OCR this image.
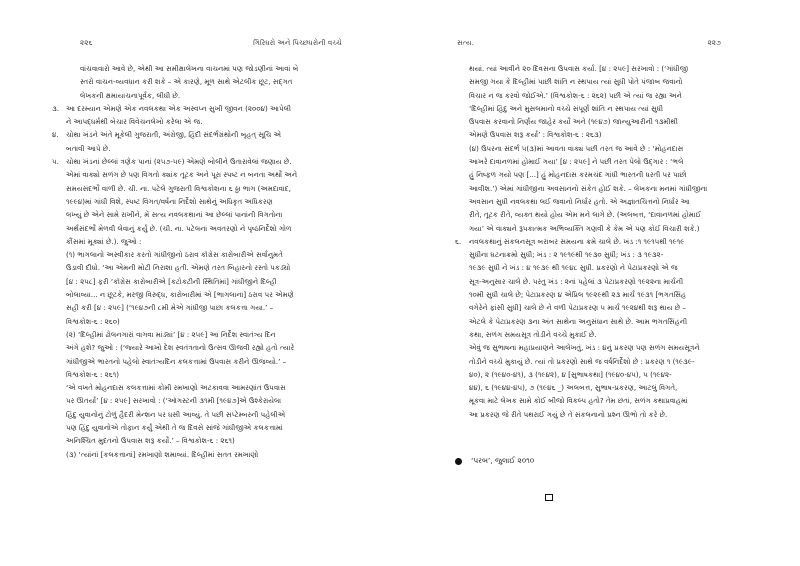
૨૨૬	ગિરિધરો અને પિચ્છધરોની વચ્ચે
વાંચવાવારો આવે છે, એથી આ સમીક્ષાલેખના વાચનમાં પણ જોડણીનાં આવાં બે
સ્તરો વાચન-વ્યવધાન કરી શકે – એ કારણે, મૂળ સાથે એટલીક છૂટ, સદ્ગત
લેખકની ક્ષમાયાચનાપૂર્વક, લીધી છે.
૩. આ દરમ્યાન એમણે એક નવલકથા એક અસ્વપ્ન સુખી જીવન (૨૦૦૪) આપેલી
ને આપદ્ધર્મથી બેચાર વિવેચનલેખો કરેલા એ જ.
૪.	ચોથા ખંડને અંતે મૂકેલી ગુજરાતી, અંગ્રેજી, હિંદી સંદર્ભગ્રંથોની બૃહત્ સૂચિ એ
બતાવી આપે છે.
૫. ચોથા ખંડનાં છેલ્લાં ત્રણેક પાનાં (૨૫૭-૫૯) એમણે બોલીને ઉતારાવેલાં જણાય છે.
એમાં વાક્યો સળંગ છે પણ વિગતો ક્યાંક તૂટક અને પૂરા સ્પષ્ટ ન બનતા અર્થો અને
સમયસંદર્ભો વાળી છે. ચી. ના. પટેલે ગુજરાતી વિશ્વકોશના ૬ ઠ્ઠા ભાગ (અમદાવાદ,
૧૯૯૪)માં ગાંધી વિશે, સ્પષ્ટ વિગત/વર્ષના નિર્દેશો સાથેનું અધિકૃત અધિકરણ
લખ્યું છે એને સામે રાખીને, મેં સત્ય નવલકથાનાં આ છેલ્લાં પાનાંની વિગતોના
અર્થસંદર્ભો મેળવી લેવાનું કર્યું છે. (ચી. ના. પટેલનાં અવતરણો ને પૃષ્ઠનિર્દેશો ગોળ
કૌંસમાં મૂક્યાં છે.). જુઓ :
(૧) ભાગલાનો અસ્વીકાર કરતો ગાંધીજીનો ઠરાવ કૉંગ્રેસ કારોબારીએ સર્વાનુમતે
ઉડાવી દીધો. ‘આ એમની મોટી નિરાશા હતી. એમણે તરત બિહારનો રસ્તો પકડ્યો
[૪ : ૨૫૮] ફરી ‘કૉંગ્રેસ કારોબારીએ [કટોકટીની સ્થિતિમાં] ગાંધીજીને દિલ્હી
બોલાવ્યા... ન છૂટકે, મરજી વિરુદ્ધ, કારોબારીમાં એ [ભાગલાના] ઠરાવ પર એમણે
સહી કરી [૪ : ૨૫૯] (‘૧૯૪૭ની ૮મી મેએ ગાંધીજી પાછા કલકત્તા ગયા.’ –
વિશ્વકોશ-૬ : ૨૬૦)
(૨) ‘દિલ્હીમાં ઢોલનગારાં વાગવા માંડ્યાં’ [૪ : ૨૫૯] આ નિર્દેશ સ્વાતંત્ર્ય દિન
અંગે હશે? જુઓ : (‘જ્યારે આખો દેશ સ્વતંત્રતાનો ઉત્સવ ઊજવી રહ્યો હતો ત્યારે
ગાંધીજીએ ભારતનો પહેલો સ્વાતંત્ર્યદિન કલકત્તામાં ઉપવાસ કરીને ઊજવ્યો.’ –
વિશ્વકોશ-૬ : ૨૬૧)
‘એ વખતે મોહનદાસ કલકત્તામાં કોમી રમખાણો અટકાવવા આમરણાંત ઉપવાસ
પર ઊતર્યા’ [૪ : ૨૫૯] સરખાવો : (‘ઑગસ્ટની ૩૧મી [૧૯૪૭]એ ઉશ્કેરાયેલા
હિંદુ યુવાનોનું ટોળું હૈદરી મેન્શન પર ધસી આવ્યું. તે પછી સપ્ટેમ્બરની પહેલીએ
પણ હિંદુ યુવાનોએ તોફાન કર્યું એથી તે જ દિવસે સાંજે ગાંધીજીએ કલકત્તામાં
અનિશ્ચિત મુદતનો ઉપવાસ શરૂ કર્યો.’ – વિશ્વકોશ-૬ : ૨૬૧)
(૩) ‘ત્યાંનાં [કલકત્તાનાં] રમખાણો શમાવ્યાં. દિલ્હીમાં સતત રમખાણો
સત્ય.	૨૨૭
થયાં. ત્યાં આવીને ૨૦ દિવસના ઉપવાસ કર્યા. [૪ : ૨૫૯] સરખાવો : (‘ગાંધીજી
સમજી ગયા કે દિલ્હીમાં પાછી શાંતિ ન સ્થપાય ત્યાં સુધી પોતે પંજાબ જવાનો
વિચાર ન જ કરવો જોઈએ.’ (વિશ્વકોશ-૬ : ૨૬૨) પછી એ ત્યાં જ રહ્યા અને
‘દિલ્હીમાં હિંદુ અને મુસલમાનો વચ્ચે સંપૂર્ણ શાંતિ ન સ્થપાય ત્યાં સુધી
ઉપવાસ કરવાનો નિર્ણય જાહેર કર્યો અને (૧૯૪૭) જાન્યુઆરીની ૧૩મીથી
એમણે ઉપવાસ શરૂ કર્યા’ : વિશ્વકોશ-૬ : ૨૬૩)
(૪) ઉપરના સંદર્ભ ૫(૩)માં આવતા વાક્ય પછી તરત જ આવે છે : ‘મોહનદાસ
આખરે દાવાનળમાં હોમાઈ ગયા’ [૪ : ૨૫૯] ને પછી તરત પેલો ઉદ્ગાર : ‘ભલે
હું નિષ્ફળ ગયો પણ [...] હું મોહનદાસ કરમચંદ ગાંધી ભારતની ધરતી પર પાછો
આવીશ.’) એમાં ગાંધીજીના અવસાનનો સંકેત હોઈ શકે. – લેખકના મનમાં ગાંધીજીના
અવસાન સુધી નવલકથા લઈ જવાનો નિર્ધાર હતો. એ અજ્ઞાતચિત્તનો નિર્ધાર આ
રીતે, તૂટક રીતે, વ્યક્ત થયો હોય એમ મને લાગે છે. (અલબત્ત, ‘દાવાનળમાં હોમાઈ
ગયા’ એ વાક્યને રૂપકાત્મક અભિવ્યક્તિ ગણવી કે કેમ એ પણ કોઈ વિચારી શકે.)
૬.	નવલકથાનું સંકલનસૂત્ર બરાબર સમયના ક્રમે ચાલે છે. ખંડ :૧ ૧૯૧૫થી ૧૯૧૯
સુધીના ઘટનાક્રમો સુધી; ખંડ : ૨ ૧૯૧૯થી ૧૯૩૦ સુધી; ખંડ : ૩ ૧૯૩૨-
૧૯૩૯ સુધી ને ખંડ : ૪ ૧૯૩૯ થી ૧૯૪૮ સુધી. પ્રકરણો ને પેટાપ્રકરણો એ જ
સૂત્ર-અનુસાર ચાલે છે. પરંતુ ખંડ : ૨નાં પહેલાં ૩ પેટાપ્રકરણો ૧૯૨૨ના માર્ચની
૧૦મી સુધી ચાલે છે; પેટાપ્રકરણ ૪ એપ્રિલ ૧૯૨૯થી ૨૩ માર્ચ ૧૯૩૧ [ભગતસિંહ
વગેરેને ફાંસી સુધી] ચાલે છે ને વળી પેટાપ્રકરણ ૫ માર્ચ ૧૯૨૪થી શરૂ થાય છે –
એટલે કે પેટાપ્રકરણ ૩ના અંત સાથેના અનુસંધાન સાથે છે. આમ ભગતસિંહની
કથા, સળંગ સમયસૂત્ર તોડીને વચ્ચે મુકાઈ છે.
એવું જ સુભાષના મહાપ્રયાણને આલેખતું, ખંડ : ૪નું પ્રકરણ પણ સળંગ સમયસૂત્રને
તોડીને વચ્ચે મુકાયું છે. ત્યાં તો પ્રકરણો સાથે જ વર્ષનિર્દેશો છે : પ્રકરણ ૧ (૧૯૩૯-
૪૦), ૨ (૧૯૪૦-૪૧), ૩ (૧૯૪૨), ૪ [સુભાષકથા] (૧૯૪૦-૪૫), ૫ (૧૯૪૨-
૪૪), ૬ (૧૯૪૪-૪૫), ૭ (૧૯૪૬ _) અલબત્ત, સુભાષ-પ્રકરણ, આટલું વિગતે,
મૂકવા માટે લેખક સામે કોઈ બીજો વિકલ્પ હતો? તેમ છતાં, સળંગ કથાપ્રવાહમાં
આ પ્રકરણ જે રીતે પથરાઈ ગયું છે તે સંકલનાનો પ્રશ્ન ઊભો તો કરે છે.
‘પરબ’, જુલાઈ ૨૦૧૦
